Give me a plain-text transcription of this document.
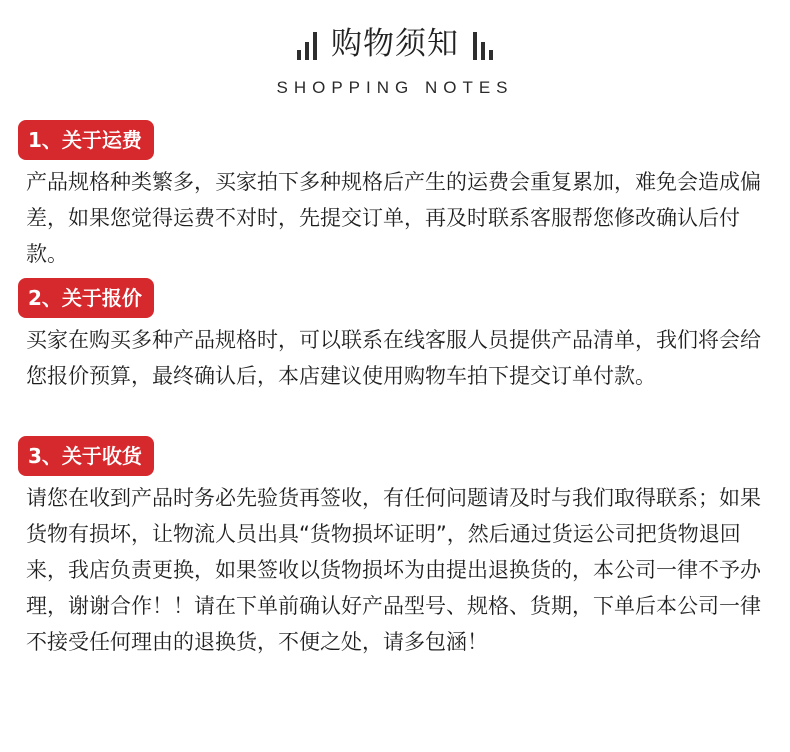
购物须知
SHOPPING NOTES
1、关于运费
产品规格种类繁多，买家拍下多种规格后产生的运费会重复累加，难免会造成偏差，如果您觉得运费不对时，先提交订单，再及时联系客服帮您修改确认后付款。
2、关于报价
买家在购买多种产品规格时，可以联系在线客服人员提供产品清单，我们将会给您报价预算，最终确认后，本店建议使用购物车拍下提交订单付款。
3、关于收货
请您在收到产品时务必先验货再签收，有任何问题请及时与我们取得联系；如果货物有损坏，让物流人员出具“货物损坏证明”，然后通过货运公司把货物退回来，我店负责更换，如果签收以货物损坏为由提出退换货的，本公司一律不予办理，谢谢合作！！请在下单前确认好产品型号、规格、货期，下单后本公司一律不接受任何理由的退换货，不便之处，请多包涵！
